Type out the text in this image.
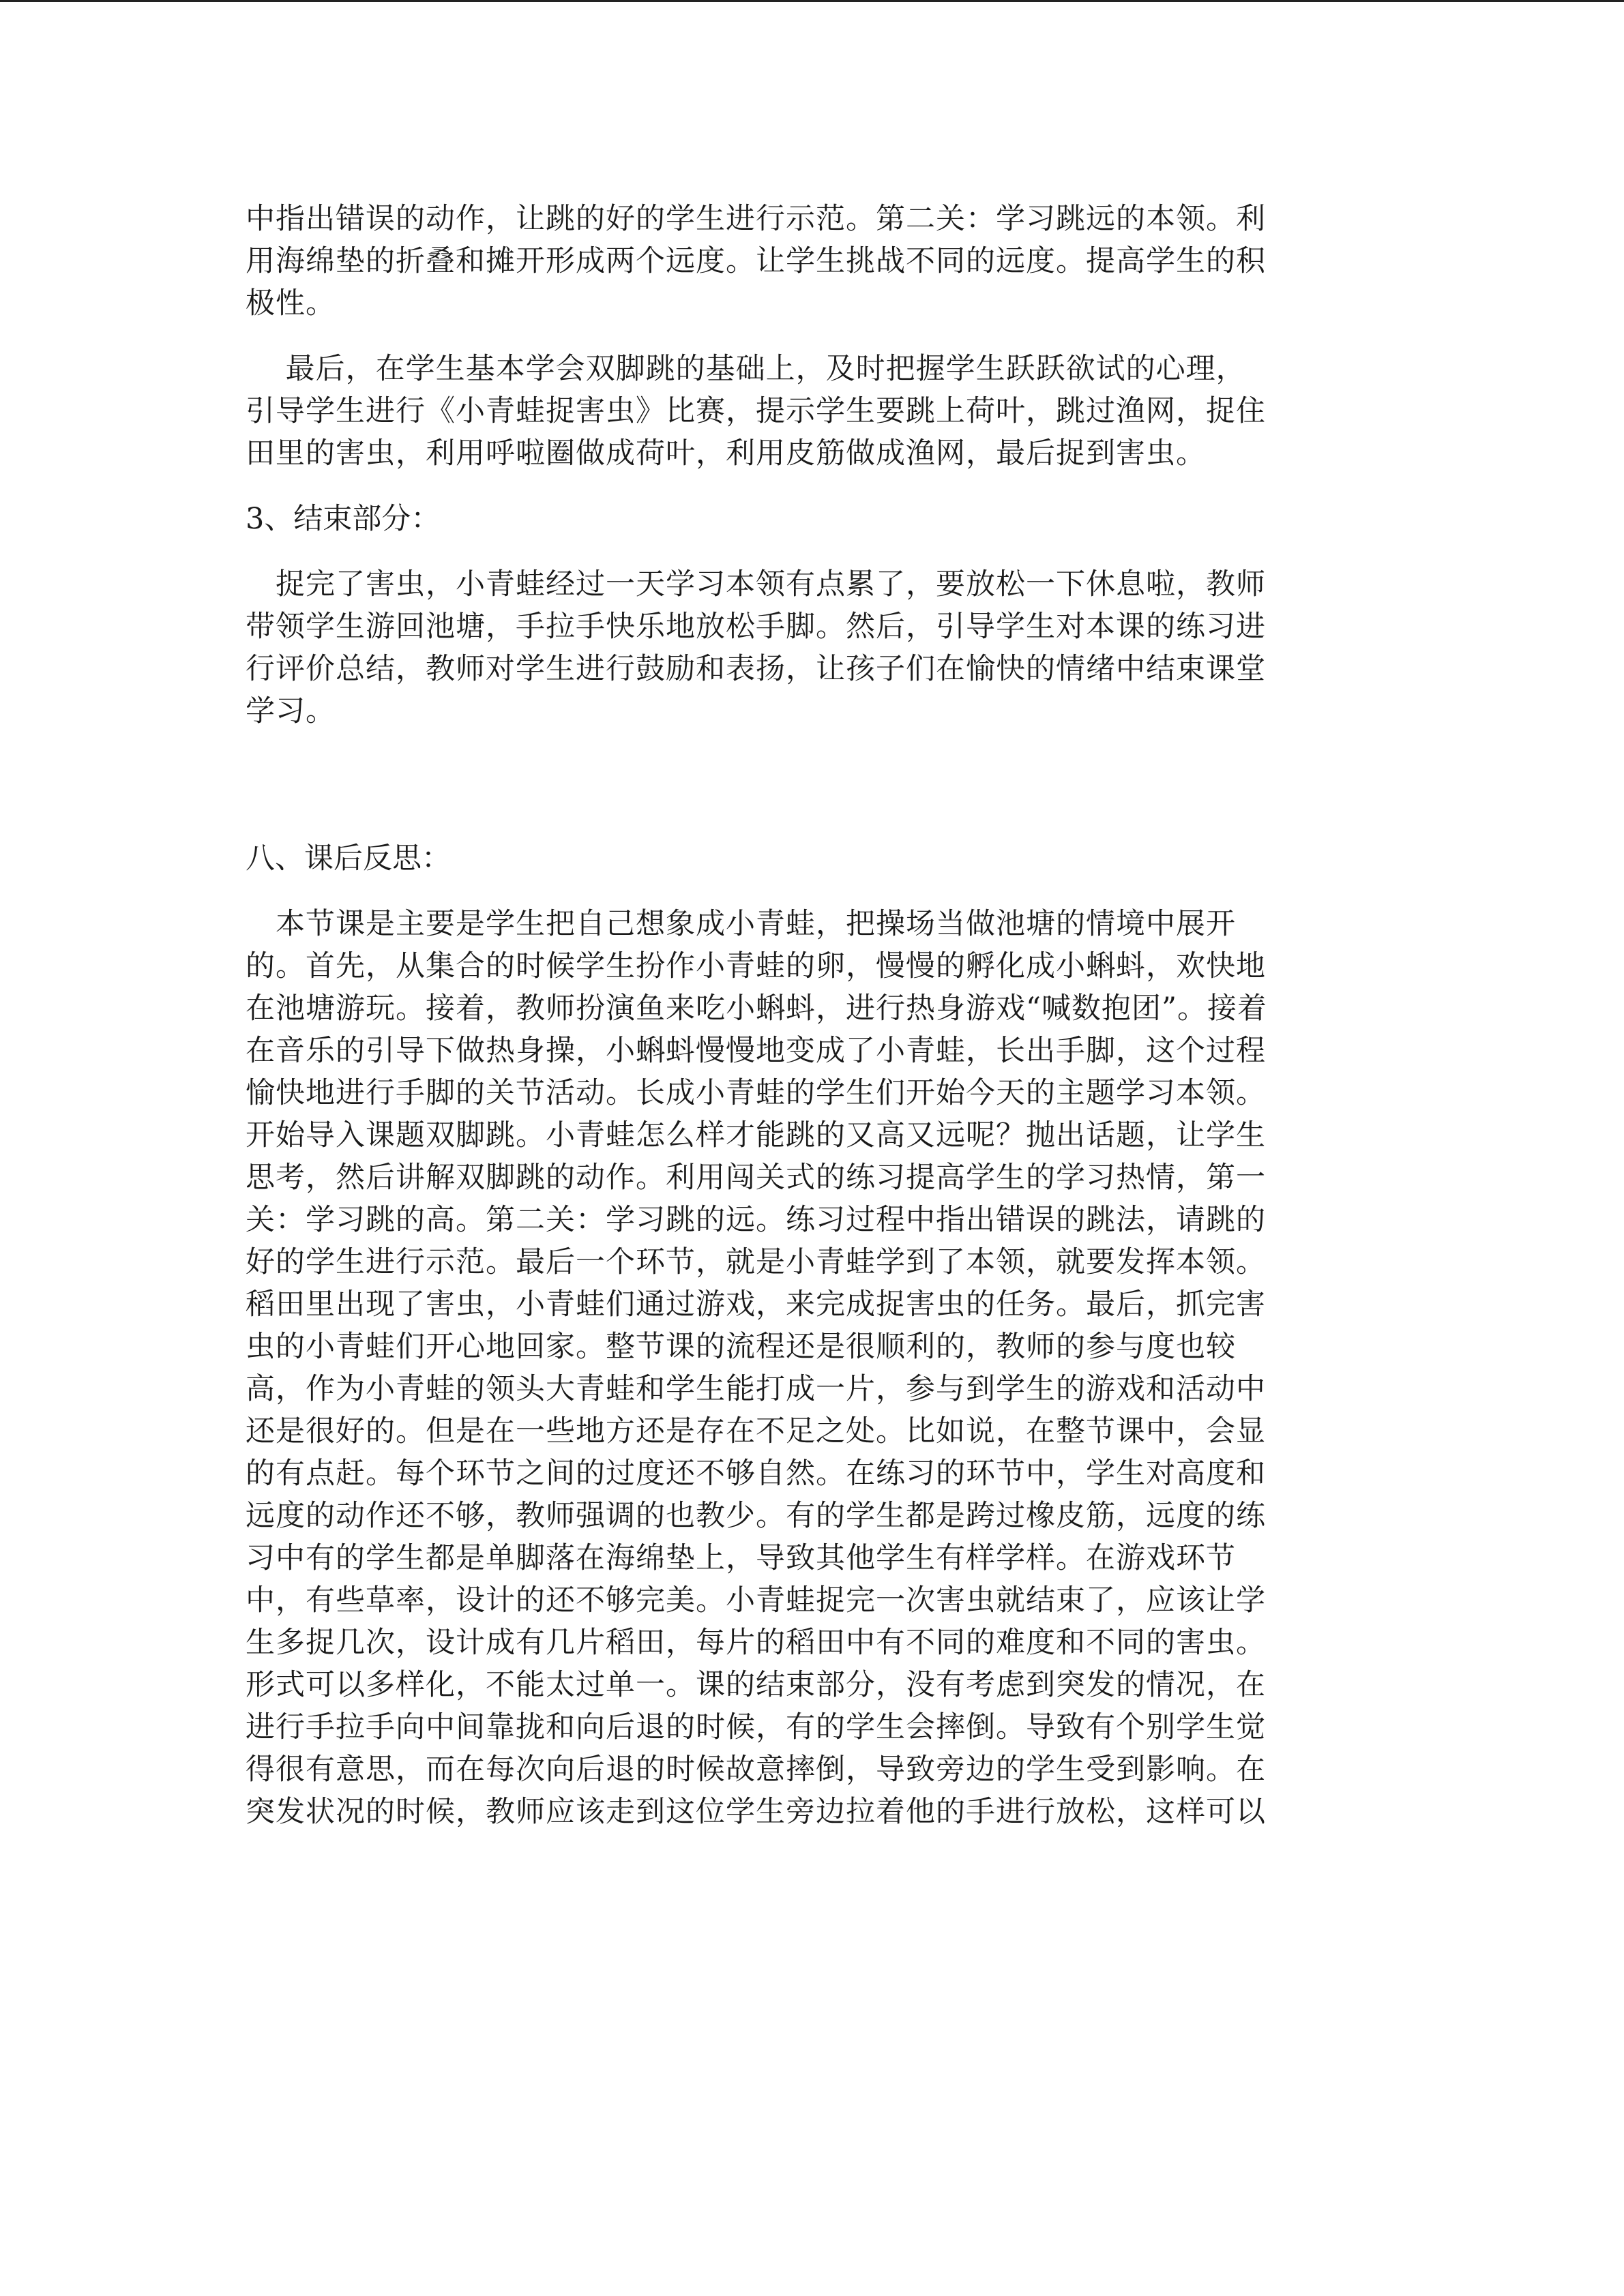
中指出错误的动作，让跳的好的学生进行示范。第二关：学习跳远的本领。利
用海绵垫的折叠和摊开形成两个远度。让学生挑战不同的远度。提高学生的积
极性。
　 最后，在学生基本学会双脚跳的基础上，及时把握学生跃跃欲试的心理，
引导学生进行《小青蛙捉害虫》比赛，提示学生要跳上荷叶，跳过渔网，捉住
田里的害虫，利用呼啦圈做成荷叶，利用皮筋做成渔网，最后捉到害虫。
3、结束部分：
　捉完了害虫，小青蛙经过一天学习本领有点累了，要放松一下休息啦，教师
带领学生游回池塘，手拉手快乐地放松手脚。然后，引导学生对本课的练习进
行评价总结，教师对学生进行鼓励和表扬，让孩子们在愉快的情绪中结束课堂
学习。
八、课后反思：
　本节课是主要是学生把自己想象成小青蛙，把操场当做池塘的情境中展开
的。首先，从集合的时候学生扮作小青蛙的卵，慢慢的孵化成小蝌蚪，欢快地
在池塘游玩。接着，教师扮演鱼来吃小蝌蚪，进行热身游戏“喊数抱团”。接着
在音乐的引导下做热身操，小蝌蚪慢慢地变成了小青蛙，长出手脚，这个过程
愉快地进行手脚的关节活动。长成小青蛙的学生们开始今天的主题学习本领。
开始导入课题双脚跳。小青蛙怎么样才能跳的又高又远呢？抛出话题，让学生
思考，然后讲解双脚跳的动作。利用闯关式的练习提高学生的学习热情，第一
关：学习跳的高。第二关：学习跳的远。练习过程中指出错误的跳法，请跳的
好的学生进行示范。最后一个环节，就是小青蛙学到了本领，就要发挥本领。
稻田里出现了害虫，小青蛙们通过游戏，来完成捉害虫的任务。最后，抓完害
虫的小青蛙们开心地回家。整节课的流程还是很顺利的，教师的参与度也较
高，作为小青蛙的领头大青蛙和学生能打成一片，参与到学生的游戏和活动中
还是很好的。但是在一些地方还是存在不足之处。比如说，在整节课中，会显
的有点赶。每个环节之间的过度还不够自然。在练习的环节中，学生对高度和
远度的动作还不够，教师强调的也教少。有的学生都是跨过橡皮筋，远度的练
习中有的学生都是单脚落在海绵垫上，导致其他学生有样学样。在游戏环节
中，有些草率，设计的还不够完美。小青蛙捉完一次害虫就结束了，应该让学
生多捉几次，设计成有几片稻田，每片的稻田中有不同的难度和不同的害虫。
形式可以多样化，不能太过单一。课的结束部分，没有考虑到突发的情况，在
进行手拉手向中间靠拢和向后退的时候，有的学生会摔倒。导致有个别学生觉
得很有意思，而在每次向后退的时候故意摔倒，导致旁边的学生受到影响。在
突发状况的时候，教师应该走到这位学生旁边拉着他的手进行放松，这样可以
